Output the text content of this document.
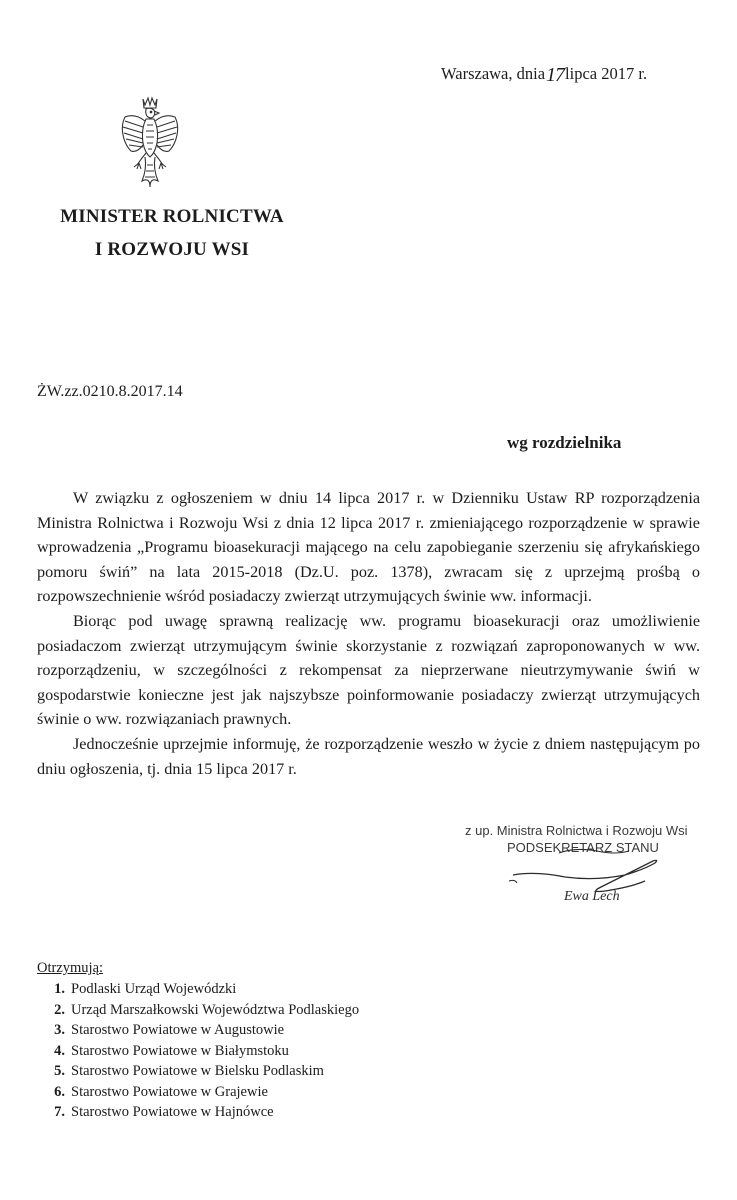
Warszawa, dnia17lipca 2017 r.
MINISTER ROLNICTWA
I ROZWOJU WSI
ŻW.zz.0210.8.2017.14
wg rozdzielnika

W związku z ogłoszeniem w dniu 14 lipca 2017 r. w Dzienniku Ustaw RP rozporządzenia Ministra Rolnictwa i Rozwoju Wsi z dnia 12 lipca 2017 r. zmieniającego rozporządzenie w sprawie wprowadzenia „Programu bioasekuracji mającego na celu zapobieganie szerzeniu się afrykańskiego pomoru świń” na lata 2015-2018 (Dz.U. poz. 1378), zwracam się z uprzejmą prośbą o rozpowszechnienie wśród posiadaczy zwierząt utrzymujących świnie ww. informacji.

Biorąc pod uwagę sprawną realizację ww. programu bioasekuracji oraz umożliwienie posiadaczom zwierząt utrzymującym świnie skorzystanie z rozwiązań zaproponowanych w ww. rozporządzeniu, w szczególności z rekompensat za nieprzerwane nieutrzymywanie świń w gospodarstwie konieczne jest jak najszybsze poinformowanie posiadaczy zwierząt utrzymujących świnie o ww. rozwiązaniach prawnych.

Jednocześnie uprzejmie informuję, że rozporządzenie weszło w życie z dniem następującym po dniu ogłoszenia, tj. dnia 15 lipca 2017 r.

z up. Ministra Rolnictwa i Rozwoju Wsi
PODSEKRETARZ STANU
Ewa Lech
Otrzymują:
1. Podlaski Urząd Wojewódzki
2. Urząd Marszałkowski Województwa Podlaskiego
3. Starostwo Powiatowe w Augustowie
4. Starostwo Powiatowe w Białymstoku
5. Starostwo Powiatowe w Bielsku Podlaskim
6. Starostwo Powiatowe w Grajewie
7. Starostwo Powiatowe w Hajnówce
